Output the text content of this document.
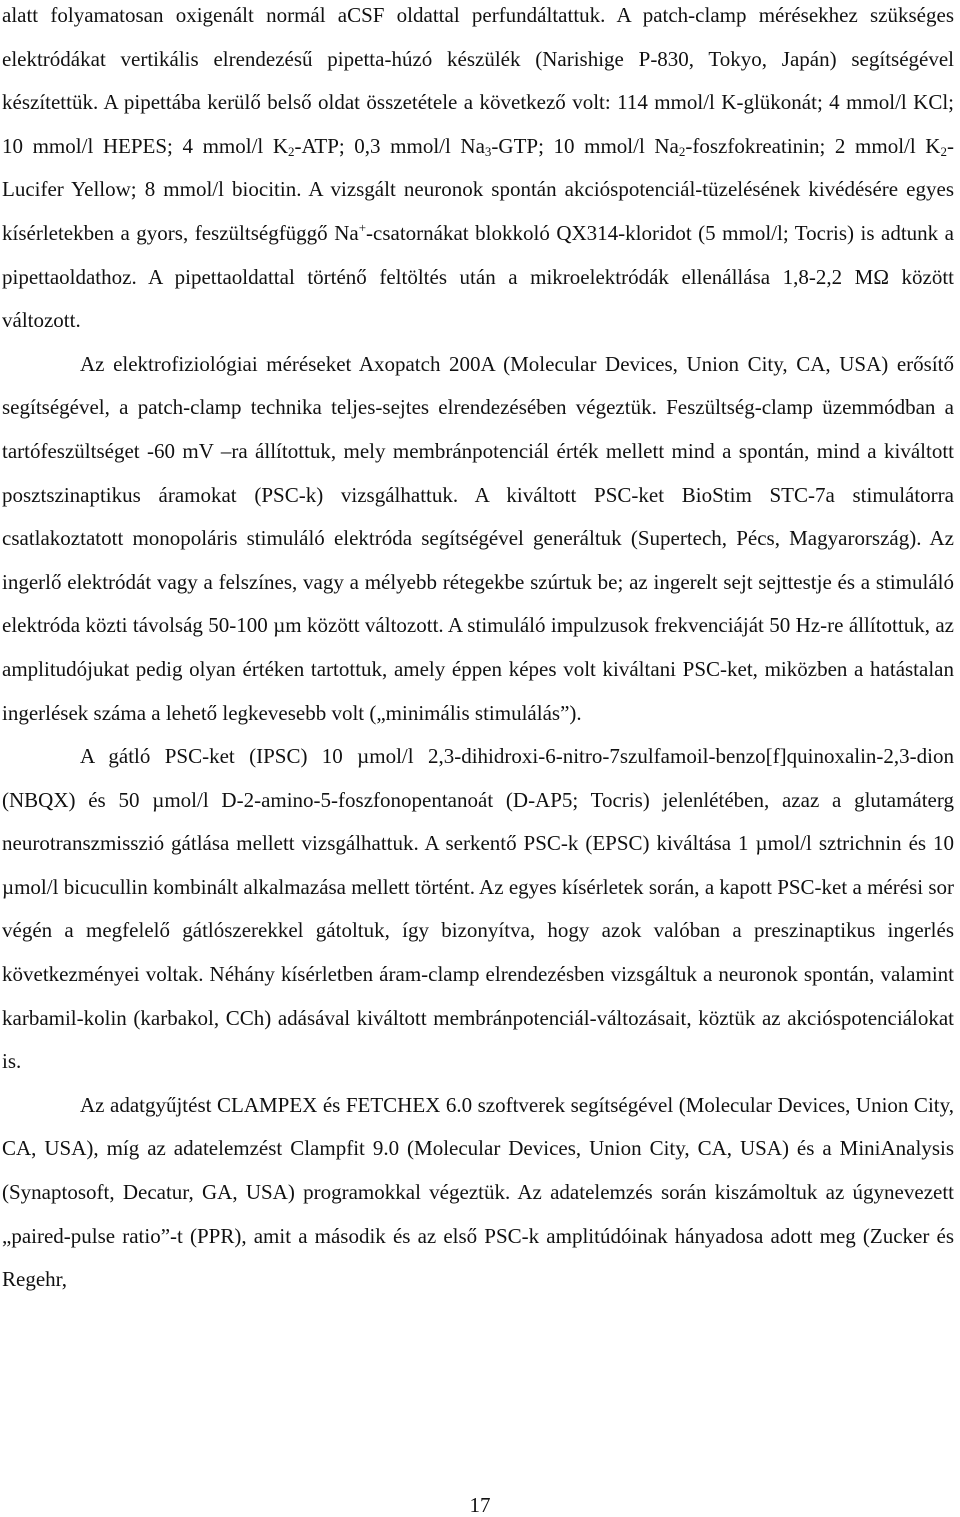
alatt folyamatosan oxigenált normál aCSF oldattal perfundáltattuk. A patch-clamp mérésekhez szükséges elektródákat vertikális elrendezésű pipetta-húzó készülék (Narishige P-830, Tokyo, Japán) segítségével készítettük. A pipettába kerülő belső oldat összetétele a következő volt: 114 mmol/l K-glükonát; 4 mmol/l KCl; 10 mmol/l HEPES; 4 mmol/l $K_2$-ATP; 0,3 mmol/l $Na_3$-GTP; 10 mmol/l $Na_2$-foszfokreatinin; 2 mmol/l $K_2$-Lucifer Yellow; 8 mmol/l biocitin. A vizsgált neuronok spontán akcióspotenciál-tüzelésének kivédésére egyes kísérletekben a gyors, feszültségfüggő Na+-csatornákat blokkoló QX314-kloridot (5 mmol/l; Tocris) is adtunk a pipettaoldathoz. A pipettaoldattal történő feltöltés után a mikroelektródák ellenállása 1,8-2,2 MΩ között változott.

Az elektrofiziológiai méréseket Axopatch 200A (Molecular Devices, Union City, CA, USA) erősítő segítségével, a patch-clamp technika teljes-sejtes elrendezésében végeztük. Feszültség-clamp üzemmódban a tartófeszültséget -60 mV –ra állítottuk, mely membránpotenciál érték mellett mind a spontán, mind a kiváltott posztszinaptikus áramokat (PSC-k) vizsgálhattuk. A kiváltott PSC-ket BioStim STC-7a stimulátorra csatlakoztatott monopoláris stimuláló elektróda segítségével generáltuk (Supertech, Pécs, Magyarország). Az ingerlő elektródát vagy a felszínes, vagy a mélyebb rétegekbe szúrtuk be; az ingerelt sejt sejttestje és a stimuláló elektróda közti távolság 50-100 µm között változott. A stimuláló impulzusok frekvenciáját 50 Hz-re állítottuk, az amplitudójukat pedig olyan értéken tartottuk, amely éppen képes volt kiváltani PSC-ket, miközben a hatástalan ingerlések száma a lehető legkevesebb volt („minimális stimulálás”).

A gátló PSC-ket (IPSC) 10 µmol/l 2,3-dihidroxi-6-nitro-7szulfamoil-benzo[f]quinoxalin-2,3-dion (NBQX) és 50 µmol/l D-2-amino-5-foszfonopentanoát (D-AP5; Tocris) jelenlétében, azaz a glutamáterg neurotranszmisszió gátlása mellett vizsgálhattuk. A serkentő PSC-k (EPSC) kiváltása 1 µmol/l sztrichnin és 10 µmol/l bicucullin kombinált alkalmazása mellett történt. Az egyes kísérletek során, a kapott PSC-ket a mérési sor végén a megfelelő gátlószerekkel gátoltuk, így bizonyítva, hogy azok valóban a preszinaptikus ingerlés következményei voltak. Néhány kísérletben áram-clamp elrendezésben vizsgáltuk a neuronok spontán, valamint karbamil-kolin (karbakol, CCh) adásával kiváltott membránpotenciál-változásait, köztük az akcióspotenciálokat is.

Az adatgyűjtést CLAMPEX és FETCHEX 6.0 szoftverek segítségével (Molecular Devices, Union City, CA, USA), míg az adatelemzést Clampfit 9.0 (Molecular Devices, Union City, CA, USA) és a MiniAnalysis (Synaptosoft, Decatur, GA, USA) programokkal végeztük. Az adatelemzés során kiszámoltuk az úgynevezett „paired-pulse ratio”-t (PPR), amit a második és az első PSC-k amplitúdóinak hányadosa adott meg (Zucker és Regehr,

17
